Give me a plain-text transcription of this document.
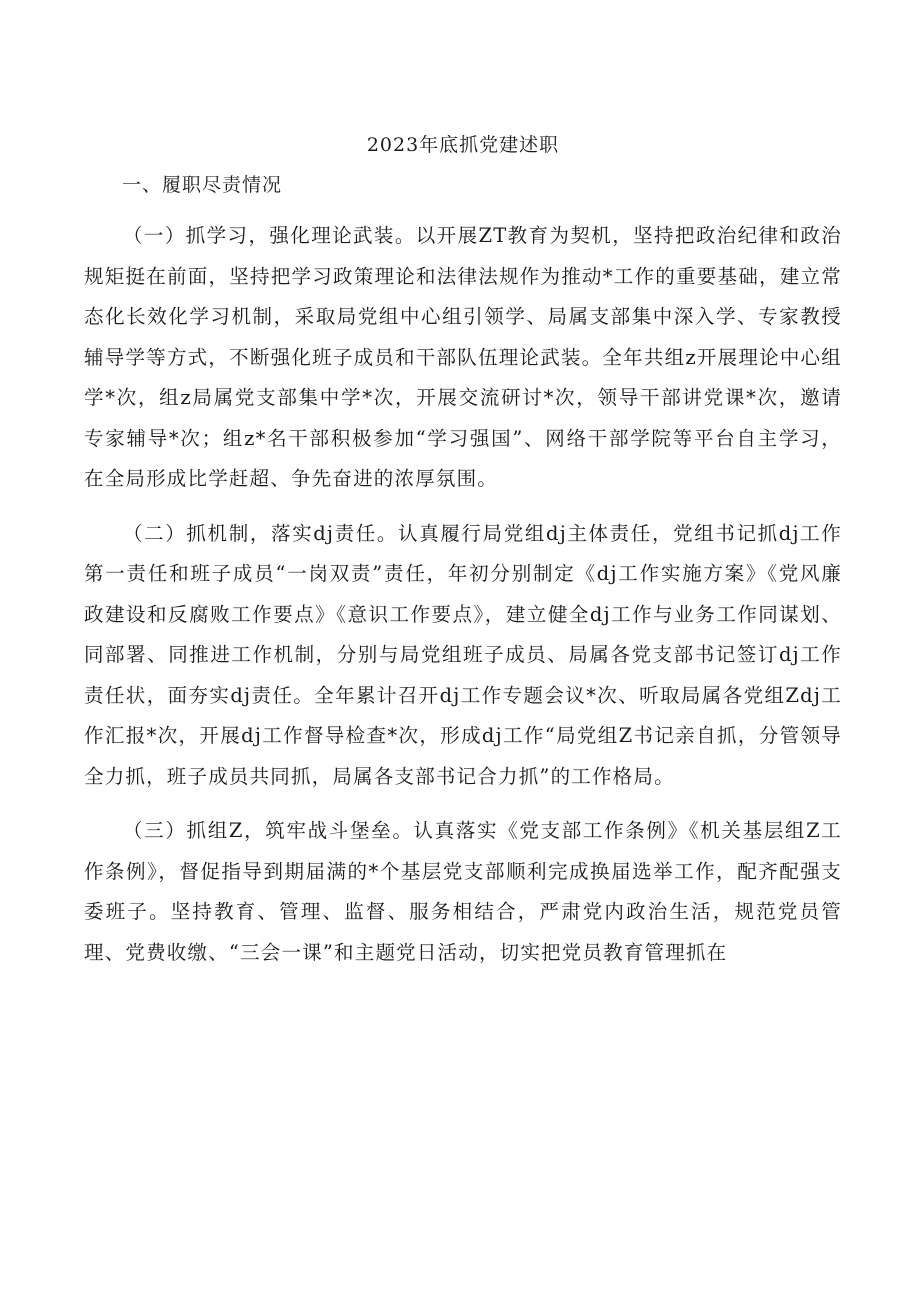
2023年底抓党建述职
一、履职尽责情况

（一）抓学习，强化理论武装。以开展ZT教育为契机，坚持把政治纪律和政治规矩挺在前面，坚持把学习政策理论和法律法规作为推动*工作的重要基础，建立常态化长效化学习机制，采取局党组中心组引领学、局属支部集中深入学、专家教授辅导学等方式，不断强化班子成员和干部队伍理论武装。全年共组z开展理论中心组学*次，组z局属党支部集中学*次，开展交流研讨*次，领导干部讲党课*次，邀请专家辅导*次；组z*名干部积极参加“学习强国”、网络干部学院等平台自主学习，在全局形成比学赶超、争先奋进的浓厚氛围。

（二）抓机制，落实dj责任。认真履行局党组dj主体责任，党组书记抓dj工作第一责任和班子成员“一岗双责”责任，年初分别制定《dj工作实施方案》《党风廉政建设和反腐败工作要点》《意识工作要点》，建立健全dj工作与业务工作同谋划、同部署、同推进工作机制，分别与局党组班子成员、局属各党支部书记签订dj工作责任状，面夯实dj责任。全年累计召开dj工作专题会议*次、听取局属各党组Zdj工作汇报*次，开展dj工作督导检查*次，形成dj工作“局党组Z书记亲自抓，分管领导全力抓，班子成员共同抓，局属各支部书记合力抓”的工作格局。

（三）抓组Z，筑牢战斗堡垒。认真落实《党支部工作条例》《机关基层组Z工作条例》，督促指导到期届满的*个基层党支部顺利完成换届选举工作，配齐配强支委班子。坚持教育、管理、监督、服务相结合，严肃党内政治生活，规范党员管理、党费收缴、“三会一课”和主题党日活动，切实把党员教育管理抓在
